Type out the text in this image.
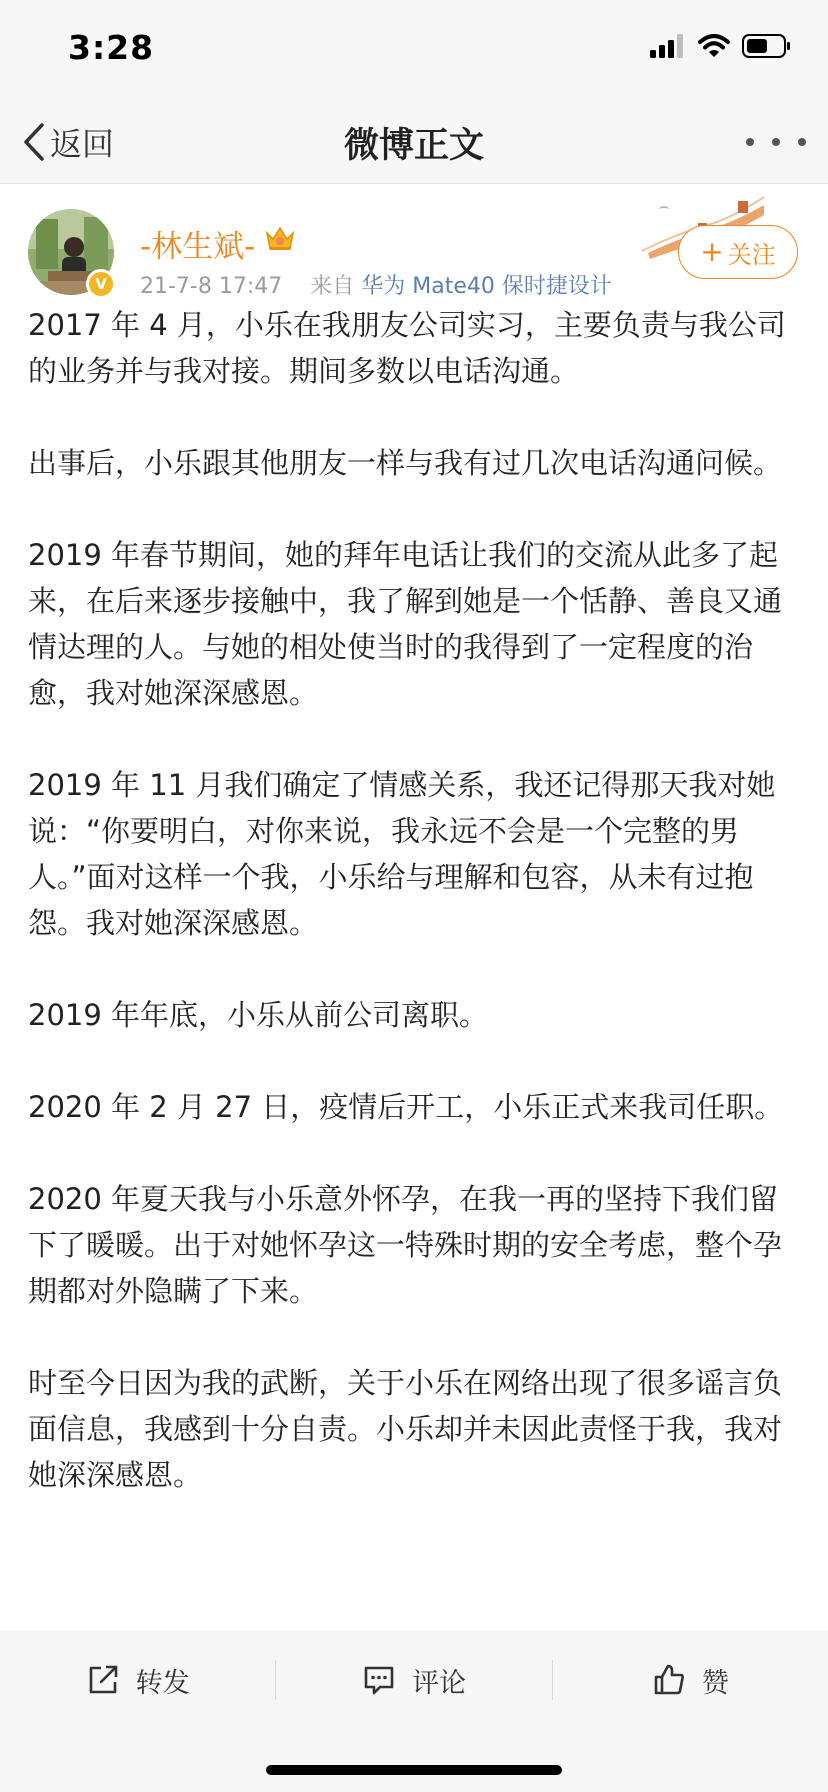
3:28
返回	微博正文
V
-林生斌-
21-7-8 17:47 来自 华为 Mate40 保时捷设计
+ 关注

2017 年 4 月，小乐在我朋友公司实习，主要负责与我公司的业务并与我对接。期间多数以电话沟通。

出事后，小乐跟其他朋友一样与我有过几次电话沟通问候。

2019 年春节期间，她的拜年电话让我们的交流从此多了起来，在后来逐步接触中，我了解到她是一个恬静、善良又通情达理的人。与她的相处使当时的我得到了一定程度的治愈，我对她深深感恩。

2019 年 11 月我们确定了情感关系，我还记得那天我对她说：“你要明白，对你来说，我永远不会是一个完整的男人。”面对这样一个我，小乐给与理解和包容，从未有过抱怨。我对她深深感恩。

2019 年年底，小乐从前公司离职。

2020 年 2 月 27 日，疫情后开工，小乐正式来我司任职。

2020 年夏天我与小乐意外怀孕，在我一再的坚持下我们留下了暖暖。出于对她怀孕这一特殊时期的安全考虑，整个孕期都对外隐瞒了下来。

时至今日因为我的武断，关于小乐在网络出现了很多谣言负面信息，我感到十分自责。小乐却并未因此责怪于我，我对她深深感恩。

转发	评论	赞
